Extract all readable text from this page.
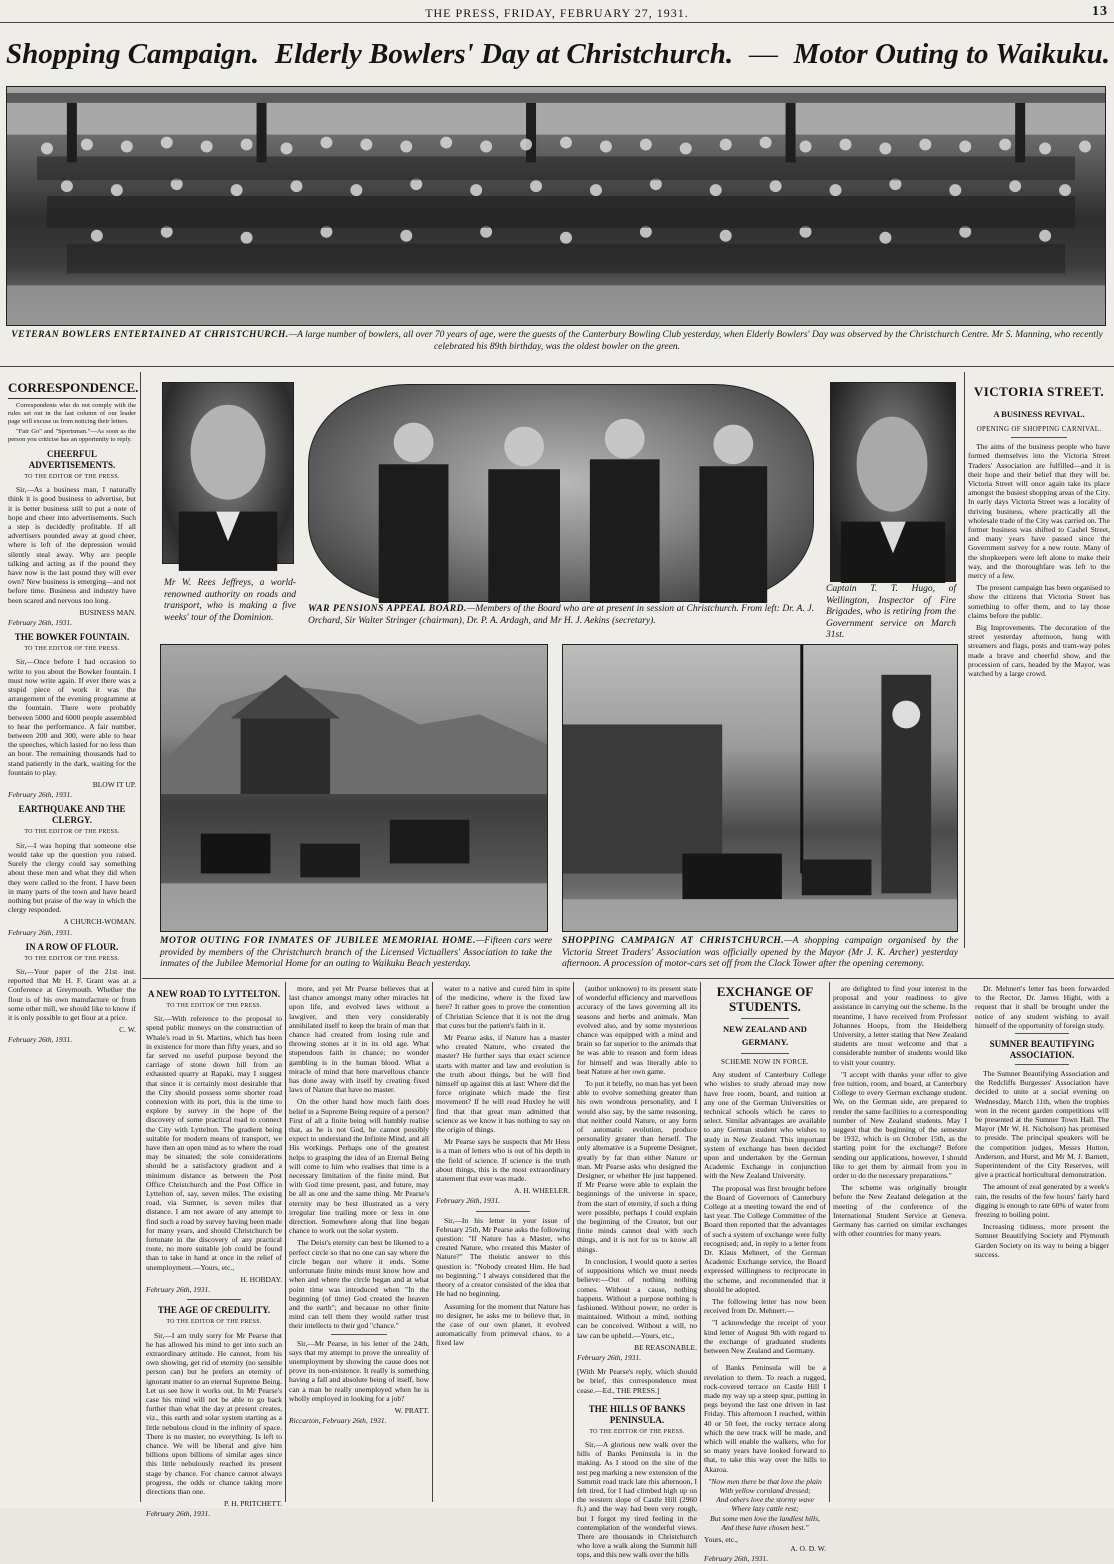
THE PRESS, FRIDAY, FEBRUARY 27, 1931.	13
Shopping Campaign. Elderly Bowlers' Day at Christchurch. — Motor Outing to Waikuku.
VETERAN BOWLERS ENTERTAINED AT CHRISTCHURCH.—A large number of bowlers, all over 70 years of age, were the guests of the Canterbury Bowling Club yesterday, when Elderly Bowlers' Day was observed by the Christchurch Centre. Mr S. Manning, who recently celebrated his 89th birthday, was the oldest bowler on the green.
CORRESPONDENCE.

Correspondents who do not comply with the rules set out in the last column of our leader page will excuse us from noticing their letters.

"Fair Go" and "Sportsman."—As soon as the person you criticise has an opportunity to reply.

CHEERFUL ADVERTISEMENTS.
TO THE EDITOR OF THE PRESS.

Sir,—As a business man, I naturally think it is good business to advertise, but it is better business still to put a note of hope and cheer into advertisements. Such a step is decidedly profitable. If all advertisers pounded away at good cheer, where is left of the depression would silently steal away. Why are people talking and acting as if the pound they have now is the last pound they will ever own? New business is emerging—and not before time. Business and industry have been scared and nervous too long.

BUSINESS MAN.
February 26th, 1931.
THE BOWKER FOUNTAIN.
TO THE EDITOR OF THE PRESS.

Sir,—Once before I had occasion to write to you about the Bowker fountain. I must now write again. If ever there was a stupid piece of work it was the arrangement of the evening programme at the fountain. There were probably between 5000 and 6000 people assembled to hear the performance. A fair number, between 200 and 300, were able to hear the speeches, which lasted for no less than an hour. The remaining thousands had to stand patiently in the dark, waiting for the fountain to play.

BLOW IT UP.
February 26th, 1931.
EARTHQUAKE AND THE CLERGY.
TO THE EDITOR OF THE PRESS.

Sir,—I was hoping that someone else would take up the question you raised. Surely the clergy could say something about these men and what they did when they were called to the front. I have been in many parts of the town and have heard nothing but praise of the way in which the clergy responded.

A CHURCH-WOMAN.
February 26th, 1931.
IN A ROW OF FLOUR.
TO THE EDITOR OF THE PRESS.

Sir,—Your paper of the 21st inst. reported that Mr H. F. Grant was at a Conference at Greymouth. Whether the flour is of his own manufacture or from some other mill, we should like to know if it is only possible to get flour at a price.

C. W.
February 26th, 1931.
Mr W. Rees Jeffreys, a world-renowned authority on roads and transport, who is making a five weeks' tour of the Dominion.
WAR PENSIONS APPEAL BOARD.—Members of the Board who are at present in session at Christchurch. From left: Dr. A. J. Orchard, Sir Walter Stringer (chairman), Dr. P. A. Ardagh, and Mr H. J. Aekins (secretary).
Captain T. T. Hugo, of Wellington, Inspector of Fire Brigades, who is retiring from the Government service on March 31st.
VICTORIA STREET.
A BUSINESS REVIVAL.
OPENING OF SHOPPING CARNIVAL.

The aims of the business people who have formed themselves into the Victoria Street Traders' Association are fulfilled—and it is their hope and their belief that they will be. Victoria Street will once again take its place amongst the busiest shopping areas of the City. In early days Victoria Street was a locality of thriving business, where practically all the wholesale trade of the City was carried on. The former business was shifted to Cashel Street, and many years have passed since the Government survey for a new route. Many of the shopkeepers were left alone to make their way, and the thoroughfare was left to the mercy of a few.

The present campaign has been organised to show the citizens that Victoria Street has something to offer them, and to lay those claims before the public.

Big Improvements. The decoration of the street yesterday afternoon, hung with streamers and flags, posts and tram-way poles made a brave and cheerful show, and the procession of cars, headed by the Mayor, was watched by a large crowd.

MOTOR OUTING FOR INMATES OF JUBILEE MEMORIAL HOME.—Fifteen cars were provided by members of the Christchurch branch of the Licensed Victuallers' Association to take the inmates of the Jubilee Memorial Home for an outing to Waikuku Beach yesterday.
SHOPPING CAMPAIGN AT CHRISTCHURCH.—A shopping campaign organised by the Victoria Street Traders' Association was officially opened by the Mayor (Mr J. K. Archer) yesterday afternoon. A procession of motor-cars set off from the Clock Tower after the opening ceremony.
A NEW ROAD TO LYTTELTON.
TO THE EDITOR OF THE PRESS.

Sir,—With reference to the proposal to spend public moneys on the construction of Whale's road in St. Martins, which has been in existence for more than fifty years, and so far served no useful purpose beyond the carriage of stone down hill from an exhausted quarry at Rapaki, may I suggest that since it is certainly most desirable that the City should possess some shorter road connexion with its port, this is the time to explore by survey in the hope of the discovery of some practical road to connect the City with Lyttelton. The gradient being suitable for modern means of transport, we have then an open mind as to where the road may be situated; the sole considerations should be a satisfactory gradient and a minimum distance as between the Post Office Christchurch and the Post Office in Lyttelton of, say, seven miles. The existing road, via Sumner, is seven miles that distance. I am not aware of any attempt to find such a road by survey having been made for many years, and should Christchurch be fortunate in the discovery of any practical route, no more suitable job could be found than to take in hand at once in the relief of unemployment.—Yours, etc.,

H. HOBDAY.
February 26th, 1931.
THE AGE OF CREDULITY.
TO THE EDITOR OF THE PRESS.

Sir,—I am truly sorry for Mr Pearse that he has allowed his mind to get into such an extraordinary attitude. He cannot, from his own showing, get rid of eternity (no sensible person can) but he prefers an eternity of ignorant matter to an eternal Supreme Being. Let us see how it works out. In Mr Pearse's case his mind will not be able to go back further than what the day at present creates, viz., this earth and solar system starting as a little nebulous cloud in the infinity of space. There is no master, no everything. Is left to chance. We will be liberal and give him billions upon billions of similar ages since this little nebulously reached its present stage by chance. For chance cannot always progress, the odds or chance taking more directions than one.

P. H. PRITCHETT.
February 26th, 1931.

more, and yet Mr Pearse believes that at last chance amongst many other miracles hit upon life, and evolved laws without a lawgiver, and then very considerably annihilated itself to keep the brain of man that chance had created from losing rule and throwing stones at it in its old age. What stupendous faith in chance; no wonder gambling is in the human blood. What a miracle of mind that here marvellous chance has done away with itself by creating fixed laws of Nature that have no master.

On the other hand how much faith does belief in a Supreme Being require of a person? First of all a finite being will humbly realise that, as he is not God, he cannot possibly expect to understand the Infinite Mind, and all His workings. Perhaps one of the greatest helps to grasping the idea of an Eternal Being will come to him who realises that time is a necessary limitation of the finite mind. But with God time present, past, and future, may be all as one and the same thing. Mr Pearse's eternity may be best illustrated as a very irregular line trailing more or less in one direction. Somewhere along that line began chance to work out the solar system.

The Deist's eternity can best be likened to a perfect circle so that no one can say where the circle began nor where it ends. Some unfortunate finite minds must know how and when and where the circle began and at what point time was introduced when "In the beginning (of time) God created the heaven and the earth"; and because no other finite mind can tell them they would rather trust their intellects to their god "chance."

Sir,—Mr Pearse, in his letter of the 24th, says that my attempt to prove the unreality of unemployment by showing the cause does not prove its non-existence. It really is something having a fall and absolute being of itself, how can a man be really unemployed when he is wholly employed in looking for a job?

W. PRATT.
Riccarton, February 26th, 1931.

water to a native and cured him in spite of the medicine, where is the fixed law here? It rather goes to prove the contention of Christian Science that it is not the drug that cures but the patient's faith in it.

Mr Pearse asks, if Nature has a master who created Nature, who created the master? He further says that exact science starts with matter and law and evolution is the truth about things, but he will find himself up against this at last: Where did the force originate which made the first movement? If he will read Huxley he will find that that great man admitted that science as we know it has nothing to say on the origin of things.

Mr Pearse says he suspects that Mr Hess is a man of letters who is out of his depth in the field of science. If science is the truth about things, this is the most extraordinary statement that ever was made.

A. H. WHEELER.
February 26th, 1931.

Sir,—In his letter in your issue of February 25th, Mr Pearse asks the following question: "If Nature has a Master, who created Nature, who created this Master of Nature?" The theistic answer to this question is: "Nobody created Him. He had no beginning." I always considered that the theory of a creator consisted of the idea that He had no beginning.

Assuming for the moment that Nature has no designer, he asks me to believe that, in the case of our own planet, it evolved automatically from primeval chaos, to a fixed law

(author unknown) to its present state of wonderful efficiency and marvellous accuracy of the laws governing all its seasons and herbs and animals. Man evolved also, and by some mysterious chance was equipped with a mind and brain so far superior to the animals that he was able to reason and form ideas for himself and was literally able to beat Nature at her own game.

To put it briefly, no man has yet been able to evolve something greater than his own wondrous personality, and I would also say, by the same reasoning, that neither could Nature, or any form of automatic evolution, produce personality greater than herself. The only alternative is a Supreme Designer, greatly by far than either Nature or man. Mr Pearse asks who designed the Designer, or whether He just happened. If Mr Pearse were able to explain the beginnings of the universe in space, from the start of eternity, if such a thing were possible, perhaps I could explain the beginning of the Creator, but our finite minds cannot deal with such things, and it is not for us to know all things.

In conclusion, I would quote a series of suppositions which we must needs believe:—Out of nothing nothing comes. Without a cause, nothing happens. Without a purpose nothing is fashioned. Without power, no order is maintained. Without a mind, nothing can be conceived. Without a will, no law can be upheld.—Yours, etc.,

BE REASONABLE.
February 26th, 1931.

[With Mr Pearse's reply, which should be brief, this correspondence must cease.—Ed., THE PRESS.]

THE HILLS OF BANKS PENINSULA.
TO THE EDITOR OF THE PRESS.

Sir,—A glorious new walk over the hills of Banks Peninsula is in the making. As I stood on the site of the test peg marking a new extension of the Summit road track late this afternoon, I felt tired, for I had climbed high up on the western slope of Castle Hill (2960 ft.) and the way had been very rough, but I forgot my tired feeling in the contemplation of the wonderful views. There are thousands in Christchurch who love a walk along the Summit hill tops, and this new walk over the hills

EXCHANGE OF STUDENTS.
NEW ZEALAND AND GERMANY.
SCHEME NOW IN FORCE.

Any student of Canterbury College who wishes to study abroad may now have free room, board, and tuition at any one of the German Universities or technical schools which he cares to select. Similar advantages are available to any German student who wishes to study in New Zealand. This important system of exchange has been decided upon and undertaken by the German Academic Exchange in conjunction with the New Zealand University.

The proposal was first brought before the Board of Governors of Canterbury College at a meeting toward the end of last year. The College Committee of the Board then reported that the advantages of such a system of exchange were fully recognised; and, in reply to a letter from Dr. Klaus Mehnert, of the German Academic Exchange service, the Board expressed willingness to reciprocate in the scheme, and recommended that it should be adopted.

The following letter has now been received from Dr. Mehnert:—

"I acknowledge the receipt of your kind letter of August 9th with regard to the exchange of graduated students between New Zealand and Germany.

of Banks Peninsula will be a revelation to them. To reach a rugged, rock-covered terrace on Castle Hill I made my way up a steep spur, putting in pegs beyond the last one driven in last Friday. This afternoon I reached, within 40 or 50 feet, the rocky terrace along which the new track will be made, and which will enable the walkers, who for so many years have looked forward to that, to take this way over the hills to Akaroa.

"Now men there be that love the plain
With yellow cornland dressed;
And others love the stormy wave
Where lazy cattle rest;
But some men love the landlest hills,
And these have chosen best."
Yours, etc.,
A. O. D. W.
February 26th, 1931.

are delighted to find your interest in the proposal and your readiness to give assistance in carrying out the scheme. In the meantime, I have received from Professor Johannes Hoops, from the Heidelberg University, a letter stating that New Zealand students are most welcome and that a considerable number of students would like to visit your country.

"I accept with thanks your offer to give free tuition, room, and board, at Canterbury College to every German exchange student. We, on the German side, are prepared to render the same facilities to a corresponding number of New Zealand students. May I suggest that the beginning of the semester be 1932, which is on October 15th, as the starting point for the exchange? Before sending our applications, however, I should like to get them by airmail from you in order to do the necessary preparations."

The scheme was originally brought before the New Zealand delegation at the meeting of the conference of the International Student Service at Geneva. Germany has carried on similar exchanges with other countries for many years.

Dr. Mehnert's letter has been forwarded to the Rector, Dr. James Hight, with a request that it shall be brought under the notice of any student wishing to avail himself of the opportunity of foreign study.

SUMNER BEAUTIFYING ASSOCIATION.

The Sumner Beautifying Association and the Redcliffs Burgesses' Association have decided to unite at a social evening on Wednesday, March 11th, when the trophies won in the recent garden competitions will be presented at the Sumner Town Hall. The Mayor (Mr W. H. Nicholson) has promised to preside. The principal speakers will be the competition judges, Messrs Hutton, Anderson, and Hurst, and Mr M. J. Barnett, Superintendent of the City Reserves, will give a practical horticultural demonstration.

The amount of zeal generated by a week's rain, the results of the few hours' fairly hard digging is enough to rate 60% of water from freezing to boiling point.

Increasing tidiness, more present the Sumner Beautifying Society and Plymouth Garden Society on its way to being a bigger success.
